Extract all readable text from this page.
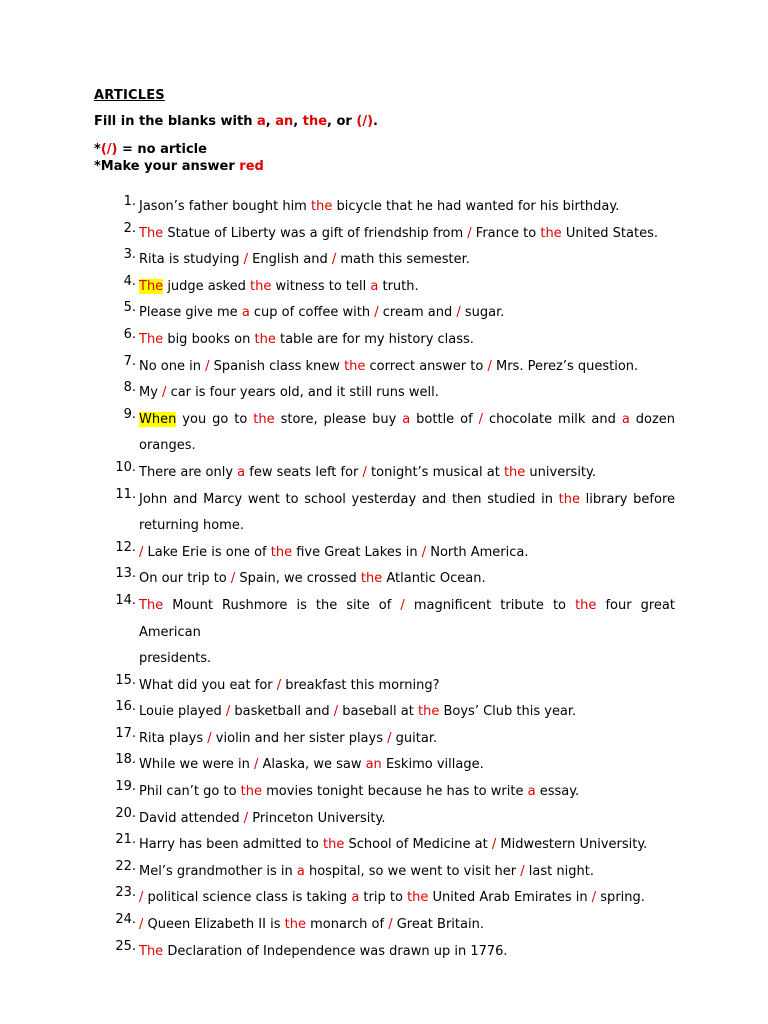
ARTICLES
Fill in the blanks with a, an, the, or (/).
*(/) = no article
*Make your answer red
1. Jason’s father bought him the bicycle that he had wanted for his birthday.
2. The Statue of Liberty was a gift of friendship from / France to the United States.
3. Rita is studying / English and / math this semester.
4. The judge asked the witness to tell a truth.
5. Please give me a cup of coffee with / cream and / sugar.
6. The big books on the table are for my history class.
7. No one in / Spanish class knew the correct answer to / Mrs. Perez’s question.
8. My / car is four years old, and it still runs well.
9. When you go to the store, please buy a bottle of / chocolate milk and a dozen
oranges.
10. There are only a few seats left for / tonight’s musical at the university.
11. John and Marcy went to school yesterday and then studied in the library before
returning home.
12. / Lake Erie is one of the five Great Lakes in / North America.
13. On our trip to / Spain, we crossed the Atlantic Ocean.
14. The Mount Rushmore is the site of / magnificent tribute to the four great American
presidents.
15. What did you eat for / breakfast this morning?
16. Louie played / basketball and / baseball at the Boys’ Club this year.
17. Rita plays / violin and her sister plays / guitar.
18. While we were in / Alaska, we saw an Eskimo village.
19. Phil can’t go to the movies tonight because he has to write a essay.
20. David attended / Princeton University.
21. Harry has been admitted to the School of Medicine at / Midwestern University.
22. Mel’s grandmother is in a hospital, so we went to visit her / last night.
23. / political science class is taking a trip to the United Arab Emirates in / spring.
24. / Queen Elizabeth II is the monarch of / Great Britain.
25. The Declaration of Independence was drawn up in 1776.
